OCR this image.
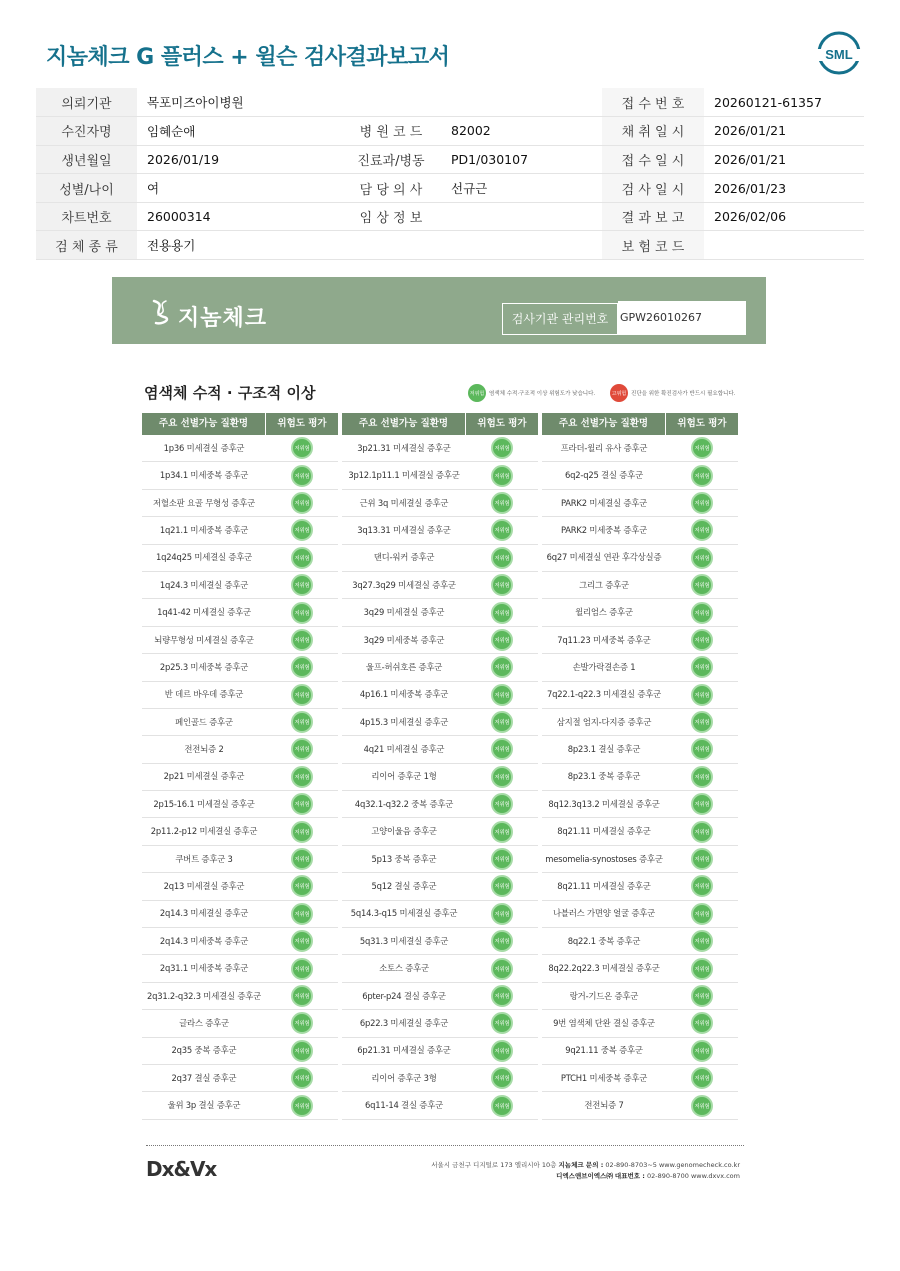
지놈체크 G 플러스 + 윌슨 검사결과보고서	SML
의뢰기관	목포미즈아이병원			접 수 번 호	20260121-61357
수진자명	임혜순애	병 원 코 드	82002	채 취 일 시	2026/01/21
생년월일	2026/01/19	진료과/병동	PD1/030107	접 수 일 시	2026/01/21
성별/나이	여	담 당 의 사	선규근	검 사 일 시	2026/01/23
차트번호	26000314	임 상 정 보		결 과 보 고	2026/02/06
검 체 종 류	전용용기			보 험 코 드	
지놈체크	검사기관 관리번호	GPW26010267
염색체 수적 · 구조적 이상	저위험 염색체 수적·구조적 이상 위험도가 낮습니다.	고위험 진단을 위한 확진검사가 반드시 필요합니다.
주요 선별가능 질환명	위험도 평가
1p36 미세결실 증후군	저위험
1p34.1 미세중복 증후군	저위험
저혈소판 요골 무형성 증후군	저위험
1q21.1 미세중복 증후군	저위험
1q24q25 미세결실 증후군	저위험
1q24.3 미세결실 증후군	저위험
1q41-42 미세결실 증후군	저위험
뇌량무형성 미세결실 증후군	저위험
2p25.3 미세중복 증후군	저위험
반 데르 바우데 증후군	저위험
페인골드 증후군	저위험
전전뇌증 2	저위험
2p21 미세결실 증후군	저위험
2p15-16.1 미세결실 증후군	저위험
2p11.2-p12 미세결실 증후군	저위험
쿠버트 증후군 3	저위험
2q13 미세결실 증후군	저위험
2q14.3 미세결실 증후군	저위험
2q14.3 미세중복 증후군	저위험
2q31.1 미세중복 증후군	저위험
2q31.2-q32.3 미세결실 증후군	저위험
글라스 증후군	저위험
2q35 중복 증후군	저위험
2q37 결실 증후군	저위험
울위 3p 결실 증후군	저위험
주요 선별가능 질환명	위험도 평가
3p21.31 미세결실 증후군	저위험
3p12.1p11.1 미세결실 증후군	저위험
근위 3q 미세결실 증후군	저위험
3q13.31 미세결실 증후군	저위험
댄디-워커 증후군	저위험
3q27.3q29 미세결실 증후군	저위험
3q29 미세결실 증후군	저위험
3q29 미세중복 증후군	저위험
울프-허쉬호른 증후군	저위험
4p16.1 미세중복 증후군	저위험
4p15.3 미세결실 증후군	저위험
4q21 미세결실 증후군	저위험
리이어 증후군 1형	저위험
4q32.1-q32.2 중복 증후군	저위험
고양이울음 증후군	저위험
5p13 중복 증후군	저위험
5q12 결실 증후군	저위험
5q14.3-q15 미세결실 증후군	저위험
5q31.3 미세결실 증후군	저위험
소토스 증후군	저위험
6pter-p24 결실 증후군	저위험
6p22.3 미세결실 증후군	저위험
6p21.31 미세결실 증후군	저위험
리이어 증후군 3형	저위험
6q11-14 결실 증후군	저위험
주요 선별가능 질환명	위험도 평가
프라더-윌리 유사 증후군	저위험
6q2-q25 결실 증후군	저위험
PARK2 미세결실 증후군	저위험
PARK2 미세중복 증후군	저위험
6q27 미세결실 연관 후각상실증	저위험
그리그 증후군	저위험
윌리엄스 증후군	저위험
7q11.23 미세중복 증후군	저위험
손발가락결손증 1	저위험
7q22.1-q22.3 미세결실 증후군	저위험
삼지절 엄지-다지증 증후군	저위험
8p23.1 결실 증후군	저위험
8p23.1 중복 증후군	저위험
8q12.3q13.2 미세결실 증후군	저위험
8q21.11 미세결실 증후군	저위험
mesomelia-synostoses 증후군	저위험
8q21.11 미세결실 증후군	저위험
나블러스 가면양 얼굴 증후군	저위험
8q22.1 중복 증후군	저위험
8q22.2q22.3 미세결실 증후군	저위험
랑거-기드온 증후군	저위험
9번 염색체 단완 결실 증후군	저위험
9q21.11 중복 증후군	저위험
PTCH1 미세중복 증후군	저위험
전전뇌증 7	저위험
Dx&Vx	서울시 금천구 디지털로 173 엘리시아 10층 지놈체크 문의 : 02-890-8703~5 www.genomecheck.co.kr
디엑스앤브이엑스㈜ 대표번호 : 02-890-8700 www.dxvx.com
